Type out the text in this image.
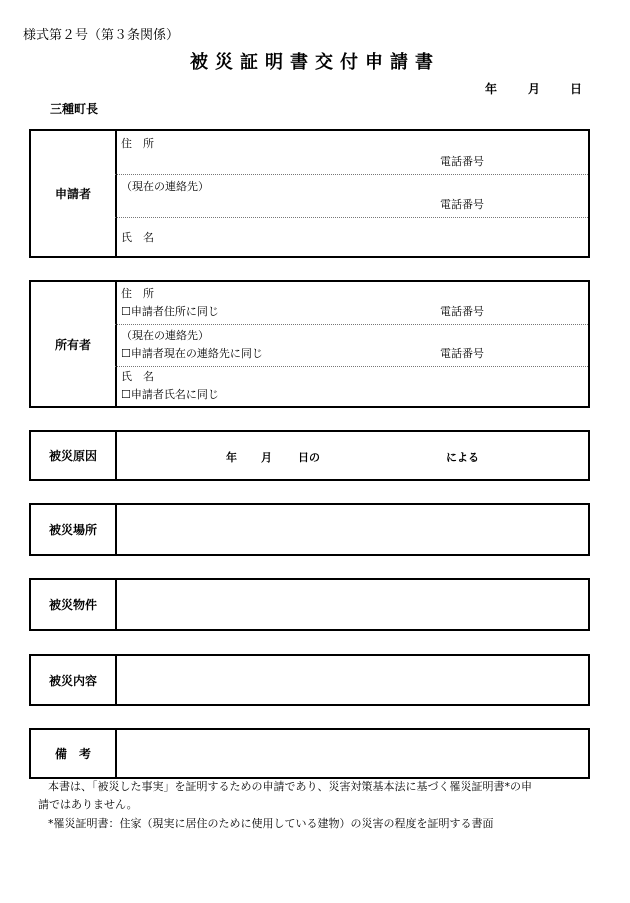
様式第２号（第３条関係）
被災証明書交付申請書
年	月 日
三種町長
申請者
住　所
電話番号
（現在の連絡先）
電話番号
氏　名
所有者
住　所
☐申請者住所に同じ	電話番号
（現在の連絡先）
☐申請者現在の連絡先に同じ	電話番号
氏　名
☐申請者氏名に同じ
被災原因	年 月 日の	による
被災場所
被災物件
被災内容
備　考
本書は、「被災した事実」を証明するための申請であり、災害対策基本法に基づく罹災証明書*の申
請ではありません。
*罹災証明書：住家（現実に居住のために使用している建物）の災害の程度を証明する書面
